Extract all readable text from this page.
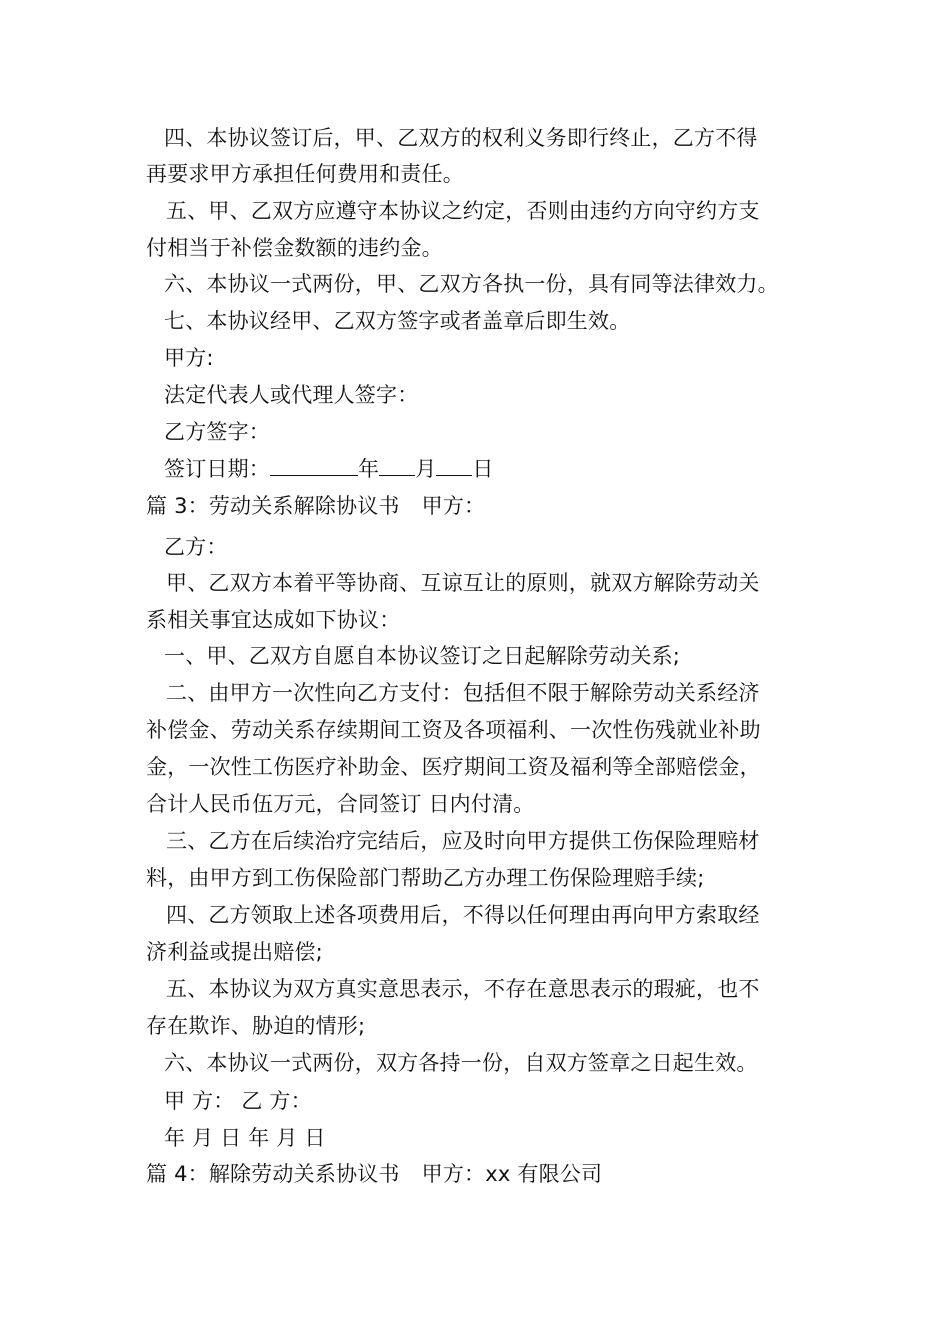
四、本协议签订后，甲、乙双方的权利义务即行终止，乙方不得
再要求甲方承担任何费用和责任。
五、甲、乙双方应遵守本协议之约定，否则由违约方向守约方支
付相当于补偿金数额的违约金。
六、本协议一式两份，甲、乙双方各执一份，具有同等法律效力。
七、本协议经甲、乙双方签字或者盖章后即生效。
甲方:
法定代表人或代理人签字：
乙方签字：
签订日期：	年 月 日
篇 3：劳动关系解除协议书 甲方：
乙方：
甲、乙双方本着平等协商、互谅互让的原则，就双方解除劳动关
系相关事宜达成如下协议：
一、甲、乙双方自愿自本协议签订之日起解除劳动关系;
二、由甲方一次性向乙方支付：包括但不限于解除劳动关系经济
补偿金、劳动关系存续期间工资及各项福利、一次性伤残就业补助
金，一次性工伤医疗补助金、医疗期间工资及福利等全部赔偿金，
合计人民币伍万元，合同签订 日内付清。
三、乙方在后续治疗完结后，应及时向甲方提供工伤保险理赔材
料，由甲方到工伤保险部门帮助乙方办理工伤保险理赔手续;
四、乙方领取上述各项费用后，不得以任何理由再向甲方索取经
济利益或提出赔偿;
五、本协议为双方真实意思表示，不存在意思表示的瑕疵，也不
存在欺诈、胁迫的情形;
六、本协议一式两份，双方各持一份，自双方签章之日起生效。
甲 方： 乙 方：
年 月 日 年 月 日
篇 4：解除劳动关系协议书 甲方：xx 有限公司
